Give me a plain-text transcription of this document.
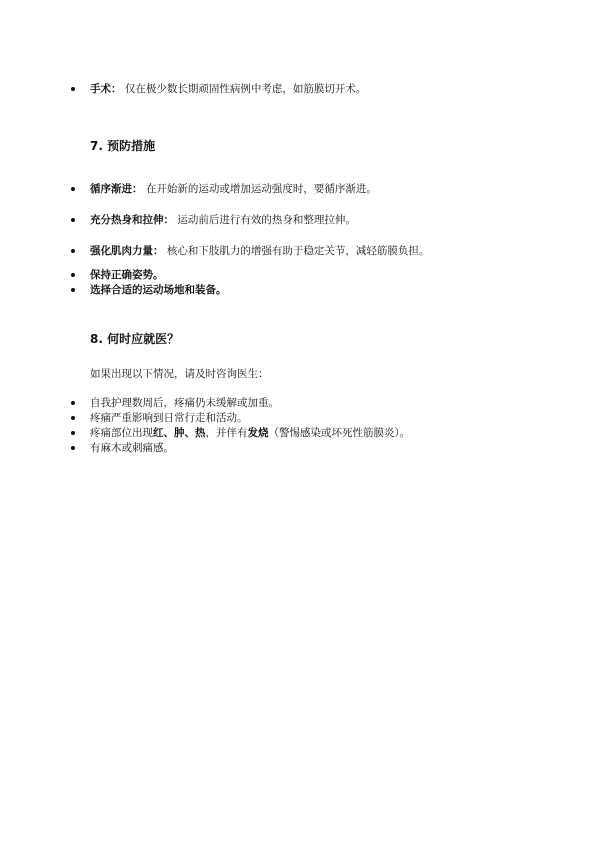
手术： 仅在极少数长期顽固性病例中考虑，如筋膜切开术。
7. 预防措施
循序渐进： 在开始新的运动或增加运动强度时，要循序渐进。
充分热身和拉伸： 运动前后进行有效的热身和整理拉伸。
强化肌肉力量： 核心和下肢肌力的增强有助于稳定关节，减轻筋膜负担。
保持正确姿势。
选择合适的运动场地和装备。
8. 何时应就医？
如果出现以下情况，请及时咨询医生：
自我护理数周后，疼痛仍未缓解或加重。
疼痛严重影响到日常行走和活动。
疼痛部位出现红、肿、热，并伴有发烧（警惕感染或坏死性筋膜炎）。
有麻木或刺痛感。
